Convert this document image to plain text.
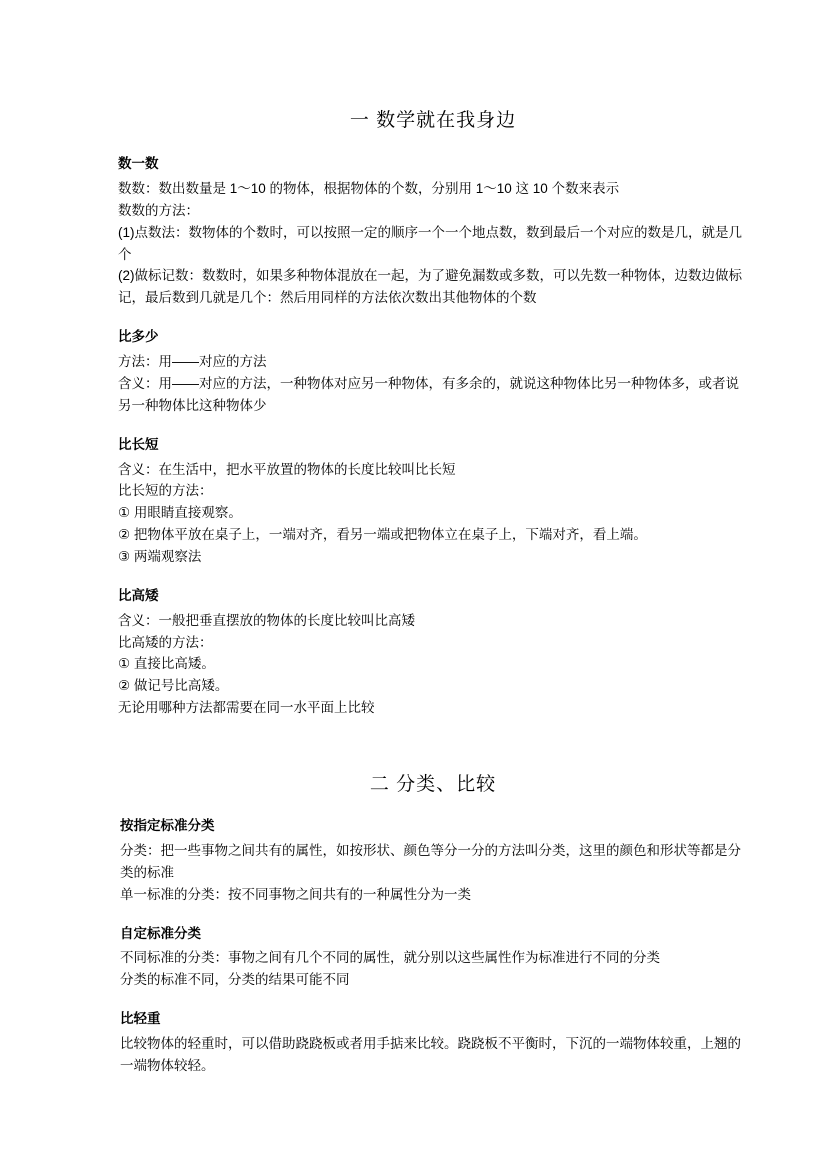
一 数学就在我身边

数一数

数数：数出数量是 1～10 的物体，根据物体的个数，分别用 1～10 这 10 个数来表示

数数的方法：

(1)点数法：数物体的个数时，可以按照一定的顺序一个一个地点数，数到最后一个对应的数是几，就是几个

(2)做标记数：数数时，如果多种物体混放在一起，为了避免漏数或多数，可以先数一种物体，边数边做标记，最后数到几就是几个：然后用同样的方法依次数出其他物体的个数

比多少

方法：用——对应的方法

含义：用——对应的方法，一种物体对应另一种物体，有多余的，就说这种物体比另一种物体多，或者说另一种物体比这种物体少

比长短

含义：在生活中，把水平放置的物体的长度比较叫比长短

比长短的方法：

① 用眼睛直接观察。

② 把物体平放在桌子上，一端对齐，看另一端或把物体立在桌子上，下端对齐，看上端。

③ 两端观察法

比高矮

含义：一般把垂直摆放的物体的长度比较叫比高矮

比高矮的方法：

① 直接比高矮。

② 做记号比高矮。

无论用哪种方法都需要在同一水平面上比较

二 分类、比较

按指定标准分类

分类：把一些事物之间共有的属性，如按形状、颜色等分一分的方法叫分类，这里的颜色和形状等都是分类的标准

单一标准的分类：按不同事物之间共有的一种属性分为一类

自定标准分类

不同标准的分类：事物之间有几个不同的属性，就分别以这些属性作为标准进行不同的分类

分类的标准不同，分类的结果可能不同

比轻重

比较物体的轻重时，可以借助跷跷板或者用手掂来比较。跷跷板不平衡时，下沉的一端物体较重，上翘的一端物体较轻。
